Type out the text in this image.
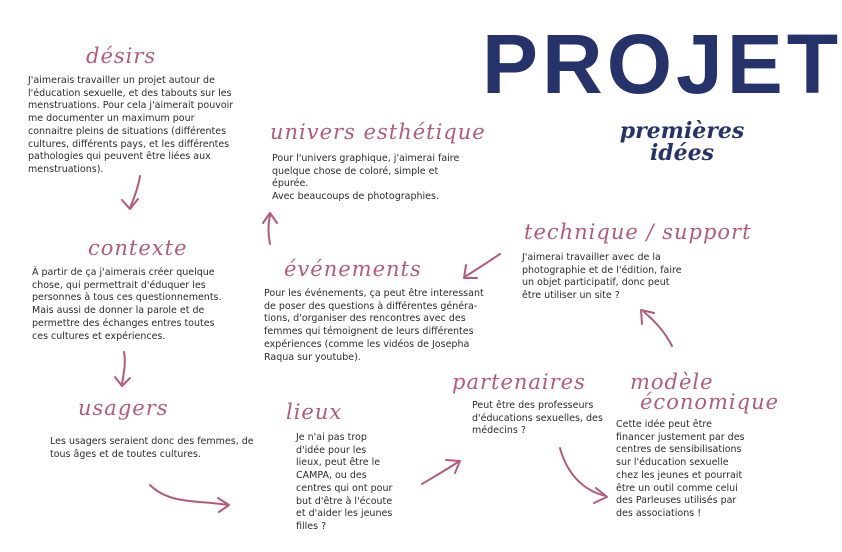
PROJET
premières idées
désirs

J'aimerais travailler un projet autour de
l'éducation sexuelle, et des tabouts sur les
menstruations. Pour cela j'aimerait pouvoir
me documenter un maximum pour
connaitre pleins de situations (différentes
cultures, différents pays, et les différentes
pathologies qui peuvent être liées aux
menstruations).

contexte

À partir de ça j'aimerais créer quelque
chose, qui permettrait d'éduquer les
personnes à tous ces questionnements.
Mais aussi de donner la parole et de
permettre des échanges entres toutes
ces cultures et expériences.

usagers

Les usagers seraient donc des femmes, de
tous âges et de toutes cultures.

univers esthétique

Pour l'univers graphique, j'aimerai faire
quelque chose de coloré, simple et
épurée.
Avec beaucoups de photographies.

événements

Pour les événements, ça peut être interessant
de poser des questions à différentes généra-
tions, d'organiser des rencontres avec des
femmes qui témoignent de leurs différentes
expériences (comme les vidéos de Josepha
Raqua sur youtube).

lieux

Je n'ai pas trop
d'idée pour les
lieux, peut être le
CAMPA, ou des
centres qui ont pour
but d'être à l'écoute
et d'aider les jeunes
filles ?

technique / support

J'aimerai travailler avec de la
photographie et de l'édition, faire
un objet participatif, donc peut
être utiliser un site ?

partenaires

Peut être des professeurs
d'éducations sexuelles, des
médecins ?

modèle
économique

Cette idée peut être
financer justement par des
centres de sensibilisations
sur l'éducation sexuelle
chez les jeunes et pourrait
être un outil comme celui
des Parleuses utilisés par
des associations !
